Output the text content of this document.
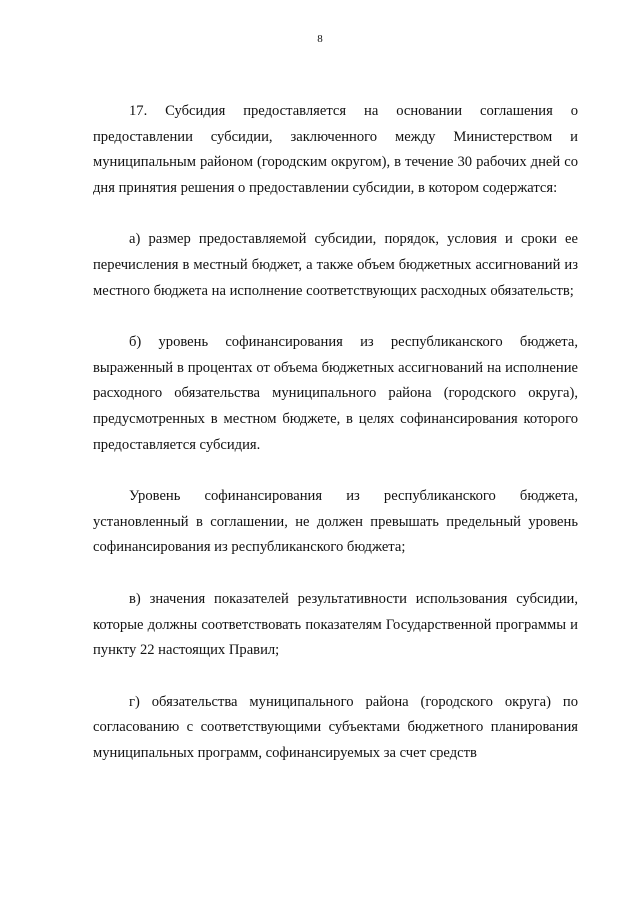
8

17. Субсидия предоставляется на основании соглашения о предоставлении субсидии, заключенного между Министерством и муниципальным районом (городским округом), в течение 30 рабочих дней со дня принятия решения о предоставлении субсидии, в котором содержатся:

а) размер предоставляемой субсидии, порядок, условия и сроки ее перечисления в местный бюджет, а также объем бюджетных ассигнований из местного бюджета на исполнение соответствующих расходных обязательств;

б) уровень софинансирования из республиканского бюджета, выраженный в процентах от объема бюджетных ассигнований на исполнение расходного обязательства муниципального района (городского округа), предусмотренных в местном бюджете, в целях софинансирования которого предоставляется субсидия.

Уровень софинансирования из республиканского бюджета, установленный в соглашении, не должен превышать предельный уровень софинансирования из республиканского бюджета;

в) значения показателей результативности использования субсидии, которые должны соответствовать показателям Государственной программы и пункту 22 настоящих Правил;

г) обязательства муниципального района (городского округа) по согласованию с соответствующими субъектами бюджетного планирования муниципальных программ, софинансируемых за счет средств
